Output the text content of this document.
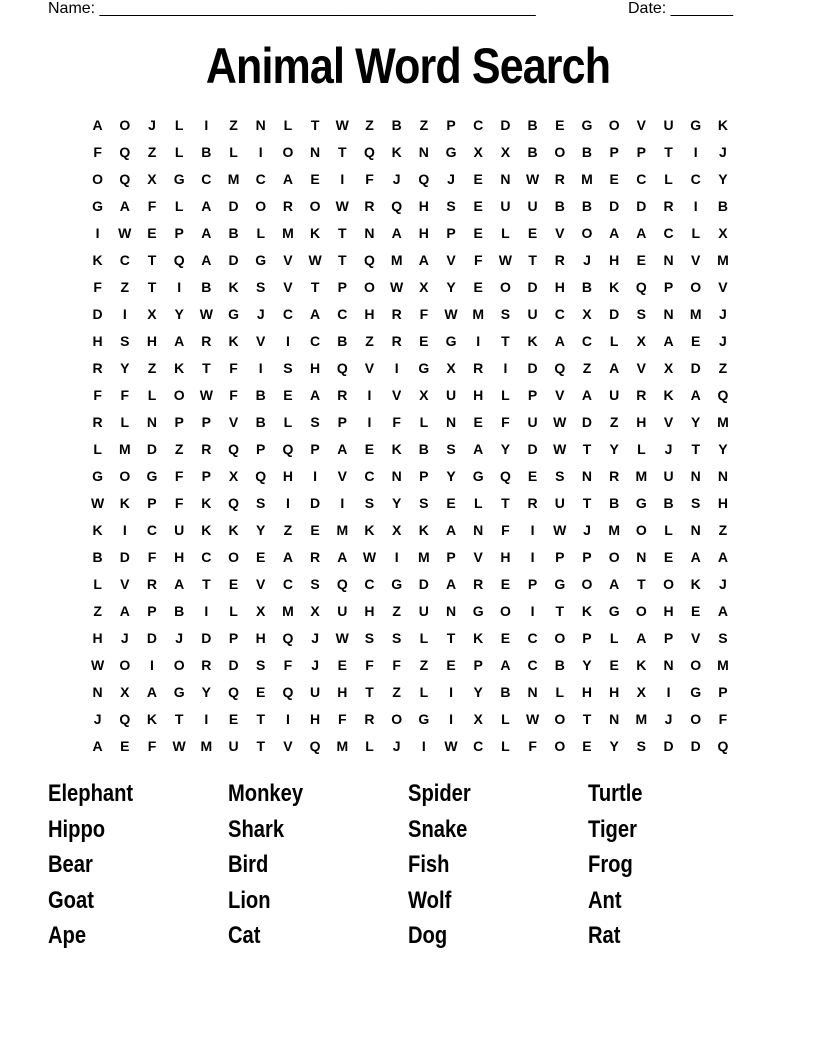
Name: _________________________________________________	Date: _______
Animal Word Search
A	O	J	L	I	Z	N	L	T	W	Z	B	Z	P	C	D	B	E	G	O	V	U	G	K
F	Q	Z	L	B	L	I	O	N	T	Q	K	N	G	X	X	B	O	B	P	P	T	I	J
O	Q	X	G	C	M	C	A	E	I	F	J	Q	J	E	N	W	R	M	E	C	L	C	Y
G	A	F	L	A	D	O	R	O	W	R	Q	H	S	E	U	U	B	B	D	D	R	I	B
I	W	E	P	A	B	L	M	K	T	N	A	H	P	E	L	E	V	O	A	A	C	L	X
K	C	T	Q	A	D	G	V	W	T	Q	M	A	V	F	W	T	R	J	H	E	N	V	M
F	Z	T	I	B	K	S	V	T	P	O	W	X	Y	E	O	D	H	B	K	Q	P	O	V
D	I	X	Y	W	G	J	C	A	C	H	R	F	W	M	S	U	C	X	D	S	N	M	J
H	S	H	A	R	K	V	I	C	B	Z	R	E	G	I	T	K	A	C	L	X	A	E	J
R	Y	Z	K	T	F	I	S	H	Q	V	I	G	X	R	I	D	Q	Z	A	V	X	D	Z
F	F	L	O	W	F	B	E	A	R	I	V	X	U	H	L	P	V	A	U	R	K	A	Q
R	L	N	P	P	V	B	L	S	P	I	F	L	N	E	F	U	W	D	Z	H	V	Y	M
L	M	D	Z	R	Q	P	Q	P	A	E	K	B	S	A	Y	D	W	T	Y	L	J	T	Y
G	O	G	F	P	X	Q	H	I	V	C	N	P	Y	G	Q	E	S	N	R	M	U	N	N
W	K	P	F	K	Q	S	I	D	I	S	Y	S	E	L	T	R	U	T	B	G	B	S	H
K	I	C	U	K	K	Y	Z	E	M	K	X	K	A	N	F	I	W	J	M	O	L	N	Z
B	D	F	H	C	O	E	A	R	A	W	I	M	P	V	H	I	P	P	O	N	E	A	A
L	V	R	A	T	E	V	C	S	Q	C	G	D	A	R	E	P	G	O	A	T	O	K	J
Z	A	P	B	I	L	X	M	X	U	H	Z	U	N	G	O	I	T	K	G	O	H	E	A
H	J	D	J	D	P	H	Q	J	W	S	S	L	T	K	E	C	O	P	L	A	P	V	S
W	O	I	O	R	D	S	F	J	E	F	F	Z	E	P	A	C	B	Y	E	K	N	O	M
N	X	A	G	Y	Q	E	Q	U	H	T	Z	L	I	Y	B	N	L	H	H	X	I	G	P
J	Q	K	T	I	E	T	I	H	F	R	O	G	I	X	L	W	O	T	N	M	J	O	F
A	E	F	W	M	U	T	V	Q	M	L	J	I	W	C	L	F	O	E	Y	S	D	D	Q
Elephant	Monkey	Spider	Turtle
Hippo	Shark	Snake	Tiger
Bear	Bird	Fish	Frog
Goat	Lion	Wolf	Ant
Ape	Cat	Dog	Rat
